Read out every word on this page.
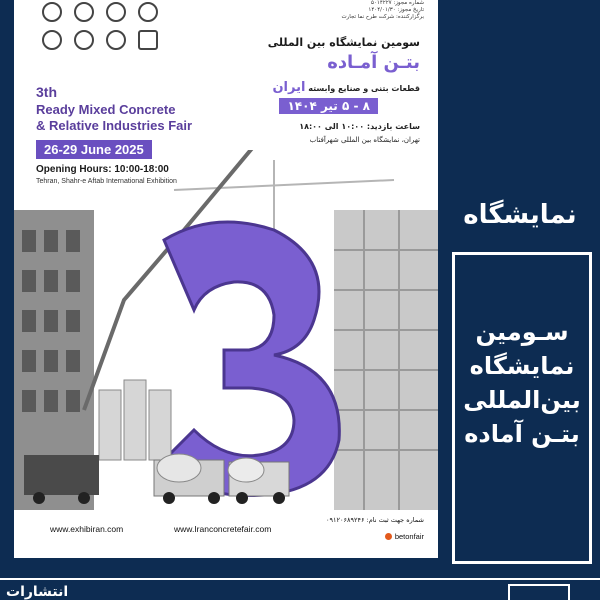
شماره مجوز: ۵۰۱۴۲۲۷
تاریخ مجوز: ۱۴۰۴/۰۱/۳۰
برگزارکننده: شرکت طرح نما تجارت
سومین نمایشگاه بین المللی
بتـن آمـاده
قطعات بتنی و صنایع وابسته ایران
۸ - ۵ تیر ۱۴۰۴
ساعت بازدید: ۱۰:۰۰ الی ۱۸:۰۰
تهران، نمایشگاه بین المللی شهرآفتاب
3th
Ready Mixed Concrete
& Relative Industries Fair
26-29 June 2025
Opening Hours: 10:00-18:00
Tehran, Shahr-e Aftab International Exhibition
www.exhibiran.com	www.Iranconcretefair.com
شماره جهت ثبت نام: ۰۹۱۲۰۶۸۹۲۴۶
betonfair
نمایشگاه
سـومین
نمایشگاه
بین‌المللی
بتـن آماده
انتشارات
